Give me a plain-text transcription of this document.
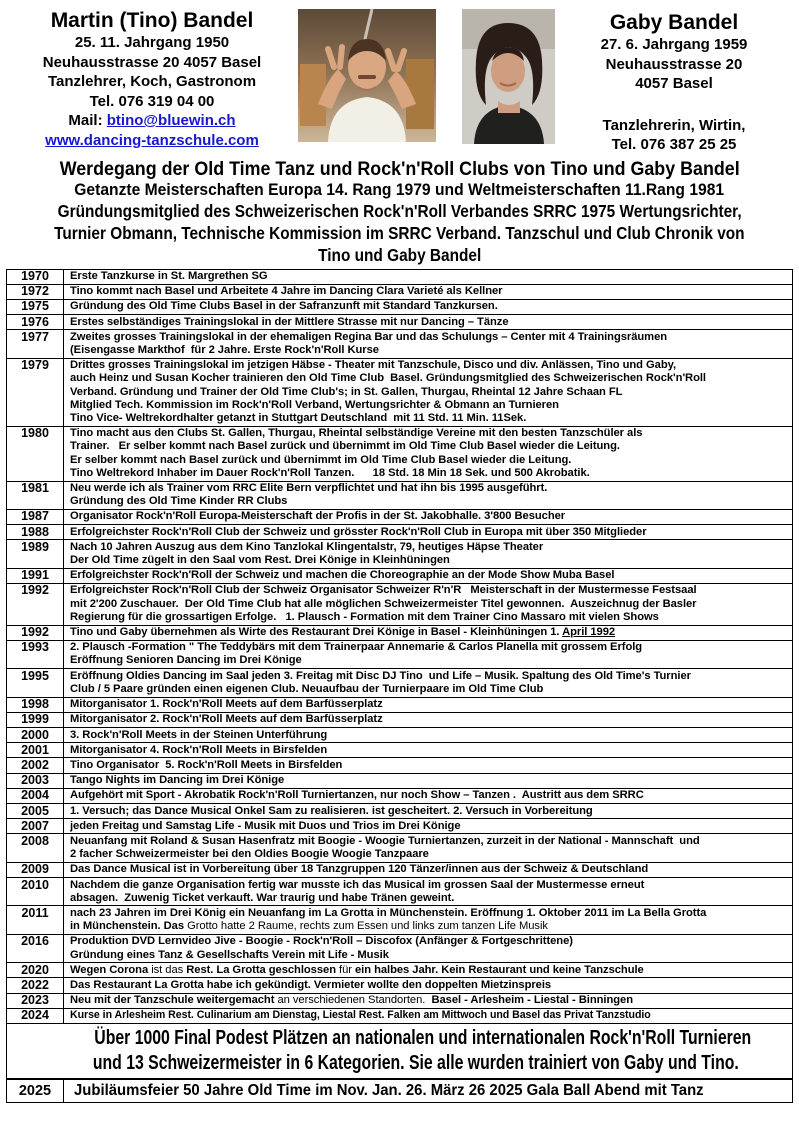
Martin (Tino) Bandel
25. 11. Jahrgang 1950
Neuhausstrasse 20 4057 Basel
Tanzlehrer, Koch, Gastronom
Tel. 076 319 04 00
Mail: btino@bluewin.ch
www.dancing-tanzschule.com
Gaby Bandel
27. 6. Jahrgang 1959
Neuhausstrasse 20
4057 Basel
Tanzlehrerin, Wirtin,
Tel. 076 387 25 25
Werdegang der Old Time Tanz und Rock'n'Roll Clubs von Tino und Gaby Bandel
Getanzte Meisterschaften Europa 14. Rang 1979 und Weltmeisterschaften 11.Rang 1981
Gründungsmitglied des Schweizerischen Rock'n'Roll Verbandes SRRC 1975 Wertungsrichter,
Turnier Obmann, Technische Kommission im SRRC Verband. Tanzschul und Club Chronik von
Tino und Gaby Bandel
1970	Erste Tanzkurse in St. Margrethen SG

1972	Tino kommt nach Basel und Arbeitete 4 Jahre im Dancing Clara Varieté als Kellner

1975	Gründung des Old Time Clubs Basel in der Safranzunft mit Standard Tanzkursen.

1976	Erstes selbständiges Trainingslokal in der Mittlere Strasse mit nur Dancing – Tänze

1977	Zweites grosses Trainingslokal in der ehemaligen Regina Bar und das Schulungs – Center mit 4 Trainingsräumen
(Eisengasse Markthof  für 2 Jahre. Erste Rock'n'Roll Kurse

1979	Drittes grosses Trainingslokal im jetzigen Häbse - Theater mit Tanzschule, Disco und div. Anlässen, Tino und Gaby,
auch Heinz und Susan Kocher trainieren den Old Time Club  Basel. Gründungsmitglied des Schweizerischen Rock'n'Roll
Verband. Gründung und Trainer der Old Time Club's; in St. Gallen, Thurgau, Rheintal 12 Jahre Schaan FL
Mitglied Tech. Kommission im Rock'n'Roll Verband, Wertungsrichter & Obmann an Turnieren
Tino Vice- Weltrekordhalter getanzt in Stuttgart Deutschland  mit 11 Std. 11 Min. 11Sek.

1980	Tino macht aus den Clubs St. Gallen, Thurgau, Rheintal selbständige Vereine mit den besten Tanzschüler als
Trainer.   Er selber kommt nach Basel zurück und übernimmt im Old Time Club Basel wieder die Leitung.
Er selber kommt nach Basel zurück und übernimmt im Old Time Club Basel wieder die Leitung.
Tino Weltrekord Inhaber im Dauer Rock'n'Roll Tanzen.      18 Std. 18 Min 18 Sek. und 500 Akrobatik.

1981	Neu werde ich als Trainer vom RRC Elite Bern verpflichtet und hat ihn bis 1995 ausgeführt.
Gründung des Old Time Kinder RR Clubs

1987	Organisator Rock'n'Roll Europa-Meisterschaft der Profis in der St. Jakobhalle. 3'800 Besucher

1988	Erfolgreichster Rock'n'Roll Club der Schweiz und grösster Rock'n'Roll Club in Europa mit über 350 Mitglieder

1989	Nach 10 Jahren Auszug aus dem Kino Tanzlokal Klingentalstr, 79, heutiges Häpse Theater
Der Old Time zügelt in den Saal vom Rest. Drei Könige in Kleinhüningen

1991	Erfolgreichster Rock'n'Roll der Schweiz und machen die Choreographie an der Mode Show Muba Basel

1992	Erfolgreichster Rock'n'Roll Club der Schweiz Organisator Schweizer R'n'R   Meisterschaft in der Mustermesse Festsaal
mit 2'200 Zuschauer.  Der Old Time Club hat alle möglichen Schweizermeister Titel gewonnen.  Auszeichnug der Basler
Regierung für die grossartigen Erfolge.   1. Plausch - Formation mit dem Trainer Cino Massaro mit vielen Shows

1992	Tino und Gaby übernehmen als Wirte des Restaurant Drei Könige in Basel - Kleinhüningen 1. April 1992

1993	2. Plausch -Formation " The Teddybärs mit dem Trainerpaar Annemarie & Carlos Planella mit grossem Erfolg
Eröffnung Senioren Dancing im Drei Könige

1995	Eröffnung Oldies Dancing im Saal jeden 3. Freitag mit Disc DJ Tino  und Life – Musik. Spaltung des Old Time's Turnier
Club / 5 Paare gründen einen eigenen Club. Neuaufbau der Turnierpaare im Old Time Club

1998	Mitorganisator 1. Rock'n'Roll Meets auf dem Barfüsserplatz

1999	Mitorganisator 2. Rock'n'Roll Meets auf dem Barfüsserplatz

2000	3. Rock'n'Roll Meets in der Steinen Unterführung

2001	Mitorganisator 4. Rock'n'Roll Meets in Birsfelden

2002	Tino Organisator  5. Rock'n'Roll Meets in Birsfelden

2003	Tango Nights im Dancing im Drei Könige

2004	Aufgehört mit Sport - Akrobatik Rock'n'Roll Turniertanzen, nur noch Show – Tanzen .  Austritt aus dem SRRC

2005	1. Versuch; das Dance Musical Onkel Sam zu realisieren. ist gescheitert. 2. Versuch in Vorbereitung

2007	jeden Freitag und Samstag Life - Musik mit Duos und Trios im Drei Könige

2008	Neuanfang mit Roland & Susan Hasenfratz mit Boogie - Woogie Turniertanzen, zurzeit in der National - Mannschaft  und
2 facher Schweizermeister bei den Oldies Boogie Woogie Tanzpaare

2009	Das Dance Musical ist in Vorbereitung über 18 Tanzgruppen 120 Tänzer/innen aus der Schweiz & Deutschland

2010	Nachdem die ganze Organisation fertig war musste ich das Musical im grossen Saal der Mustermesse erneut
absagen.  Zuwenig Ticket verkauft. War traurig und habe Tränen geweint.

2011	nach 23 Jahren im Drei König ein Neuanfang im La Grotta in Münchenstein. Eröffnung 1. Oktober 2011 im La Bella Grotta
in Münchenstein. Das Grotto hatte 2 Raume, rechts zum Essen und links zum tanzen Life Musik

2016	Produktion DVD Lernvideo Jive - Boogie - Rock'n'Roll – Discofox (Anfänger & Fortgeschrittene)
Gründung eines Tanz & Gesellschafts Verein mit Life - Musik

2020	Wegen Corona ist das Rest. La Grotta geschlossen für ein halbes Jahr. Kein Restaurant und keine Tanzschule

2022	Das Restaurant La Grotta habe ich gekündigt. Vermieter wollte den doppelten Mietzinspreis

2023	Neu mit der Tanzschule weitergemacht an verschiedenen Standorten.  Basel - Arlesheim - Liestal - Binningen

2024	Kurse in Arlesheim Rest. Culinarium am Dienstag, Liestal Rest. Falken am Mittwoch und Basel das Privat Tanzstudio
Über 1000 Final Podest Plätzen an nationalen und internationalen Rock'n'Roll Turnieren
und 13 Schweizermeister in 6 Kategorien. Sie alle wurden trainiert von Gaby und Tino.
2025	Jubiläumsfeier 50 Jahre Old Time im Nov. Jan. 26. März 26 2025 Gala Ball Abend mit Tanz
